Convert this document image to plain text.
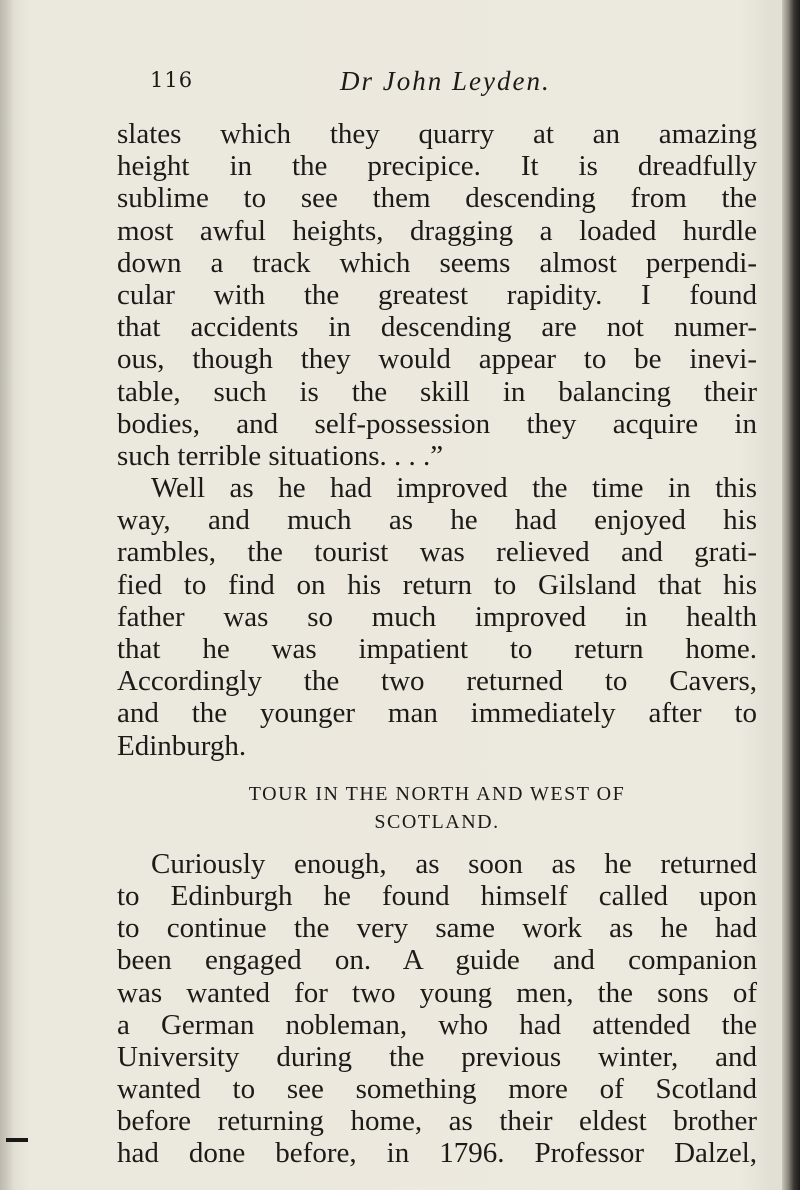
116	Dr John Leyden.
slates which they quarry at an amazing
height in the precipice. It is dreadfully
sublime to see them descending from the
most awful heights, dragging a loaded hurdle
down a track which seems almost perpendi-
cular with the greatest rapidity. I found
that accidents in descending are not numer-
ous, though they would appear to be inevi-
table, such is the skill in balancing their
bodies, and self-possession they acquire in
such terrible situations. . . .”
Well as he had improved the time in this
way, and much as he had enjoyed his
rambles, the tourist was relieved and grati-
fied to find on his return to Gilsland that his
father was so much improved in health
that he was impatient to return home.
Accordingly the two returned to Cavers,
and the younger man immediately after to
Edinburgh.
TOUR IN THE NORTH AND WEST OF
SCOTLAND.
Curiously enough, as soon as he returned
to Edinburgh he found himself called upon
to continue the very same work as he had
been engaged on. A guide and companion
was wanted for two young men, the sons of
a German nobleman, who had attended the
University during the previous winter, and
wanted to see something more of Scotland
before returning home, as their eldest brother
had done before, in 1796. Professor Dalzel,
